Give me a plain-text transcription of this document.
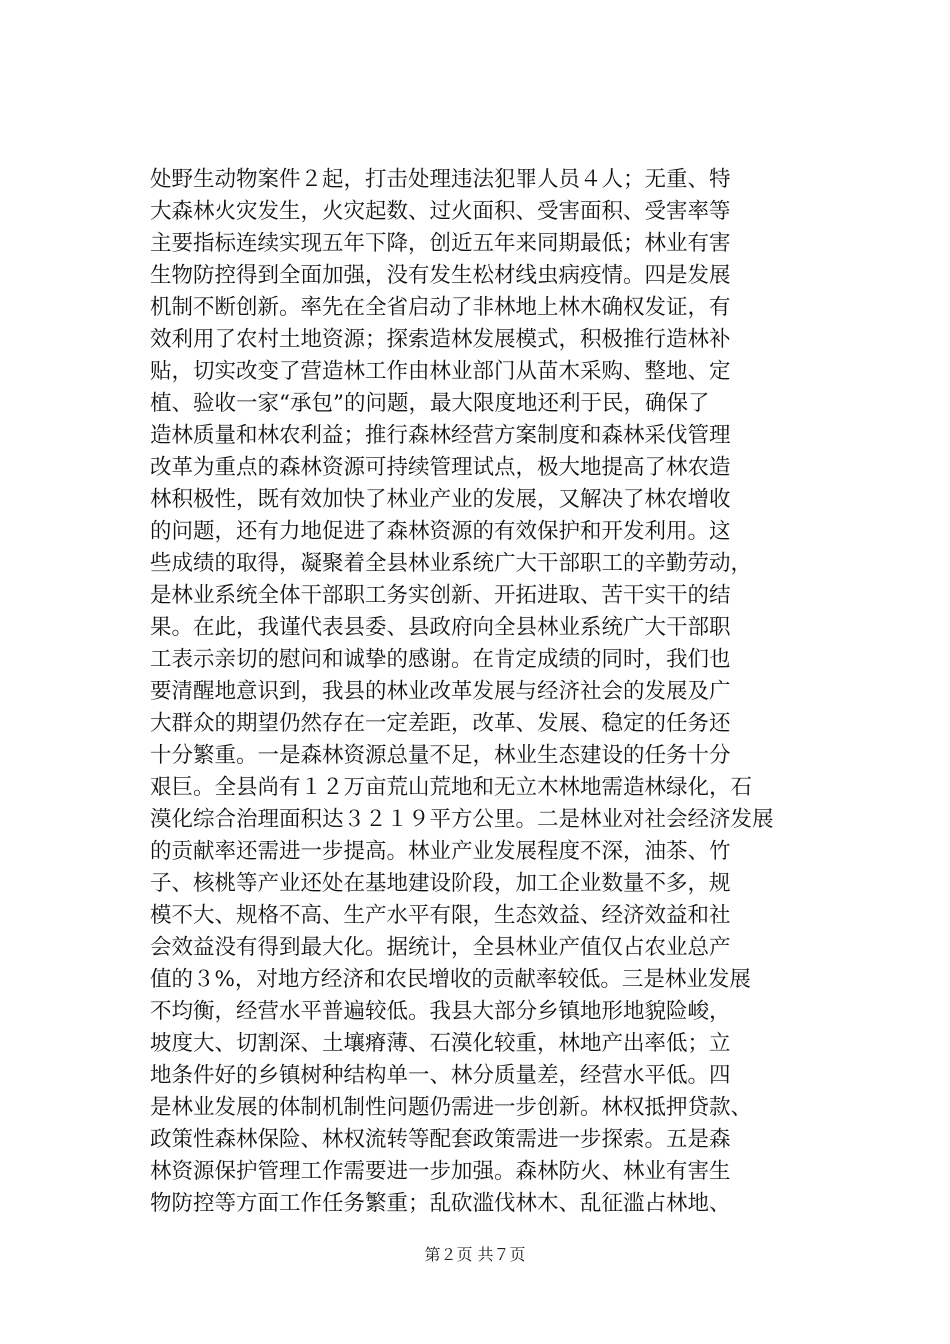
处野生动物案件２起，打击处理违法犯罪人员４人；无重、特
大森林火灾发生，火灾起数、过火面积、受害面积、受害率等
主要指标连续实现五年下降，创近五年来同期最低；林业有害
生物防控得到全面加强，没有发生松材线虫病疫情。四是发展
机制不断创新。率先在全省启动了非林地上林木确权发证，有
效利用了农村土地资源；探索造林发展模式，积极推行造林补
贴，切实改变了营造林工作由林业部门从苗木采购、整地、定
植、验收一家“承包”的问题，最大限度地还利于民，确保了
造林质量和林农利益；推行森林经营方案制度和森林采伐管理
改革为重点的森林资源可持续管理试点，极大地提高了林农造
林积极性，既有效加快了林业产业的发展，又解决了林农增收
的问题，还有力地促进了森林资源的有效保护和开发利用。这
些成绩的取得，凝聚着全县林业系统广大干部职工的辛勤劳动，
是林业系统全体干部职工务实创新、开拓进取、苦干实干的结
果。在此，我谨代表县委、县政府向全县林业系统广大干部职
工表示亲切的慰问和诚挚的感谢。在肯定成绩的同时，我们也
要清醒地意识到，我县的林业改革发展与经济社会的发展及广
大群众的期望仍然存在一定差距，改革、发展、稳定的任务还
十分繁重。一是森林资源总量不足，林业生态建设的任务十分
艰巨。全县尚有１２万亩荒山荒地和无立木林地需造林绿化，石
漠化综合治理面积达３２１９平方公里。二是林业对社会经济发展
的贡献率还需进一步提高。林业产业发展程度不深，油茶、竹
子、核桃等产业还处在基地建设阶段，加工企业数量不多，规
模不大、规格不高、生产水平有限，生态效益、经济效益和社
会效益没有得到最大化。据统计，全县林业产值仅占农业总产
值的３%，对地方经济和农民增收的贡献率较低。三是林业发展
不均衡，经营水平普遍较低。我县大部分乡镇地形地貌险峻，
坡度大、切割深、土壤瘠薄、石漠化较重，林地产出率低；立
地条件好的乡镇树种结构单一、林分质量差，经营水平低。四
是林业发展的体制机制性问题仍需进一步创新。林权抵押贷款、
政策性森林保险、林权流转等配套政策需进一步探索。五是森
林资源保护管理工作需要进一步加强。森林防火、林业有害生
物防控等方面工作任务繁重；乱砍滥伐林木、乱征滥占林地、
第２页 共７页
